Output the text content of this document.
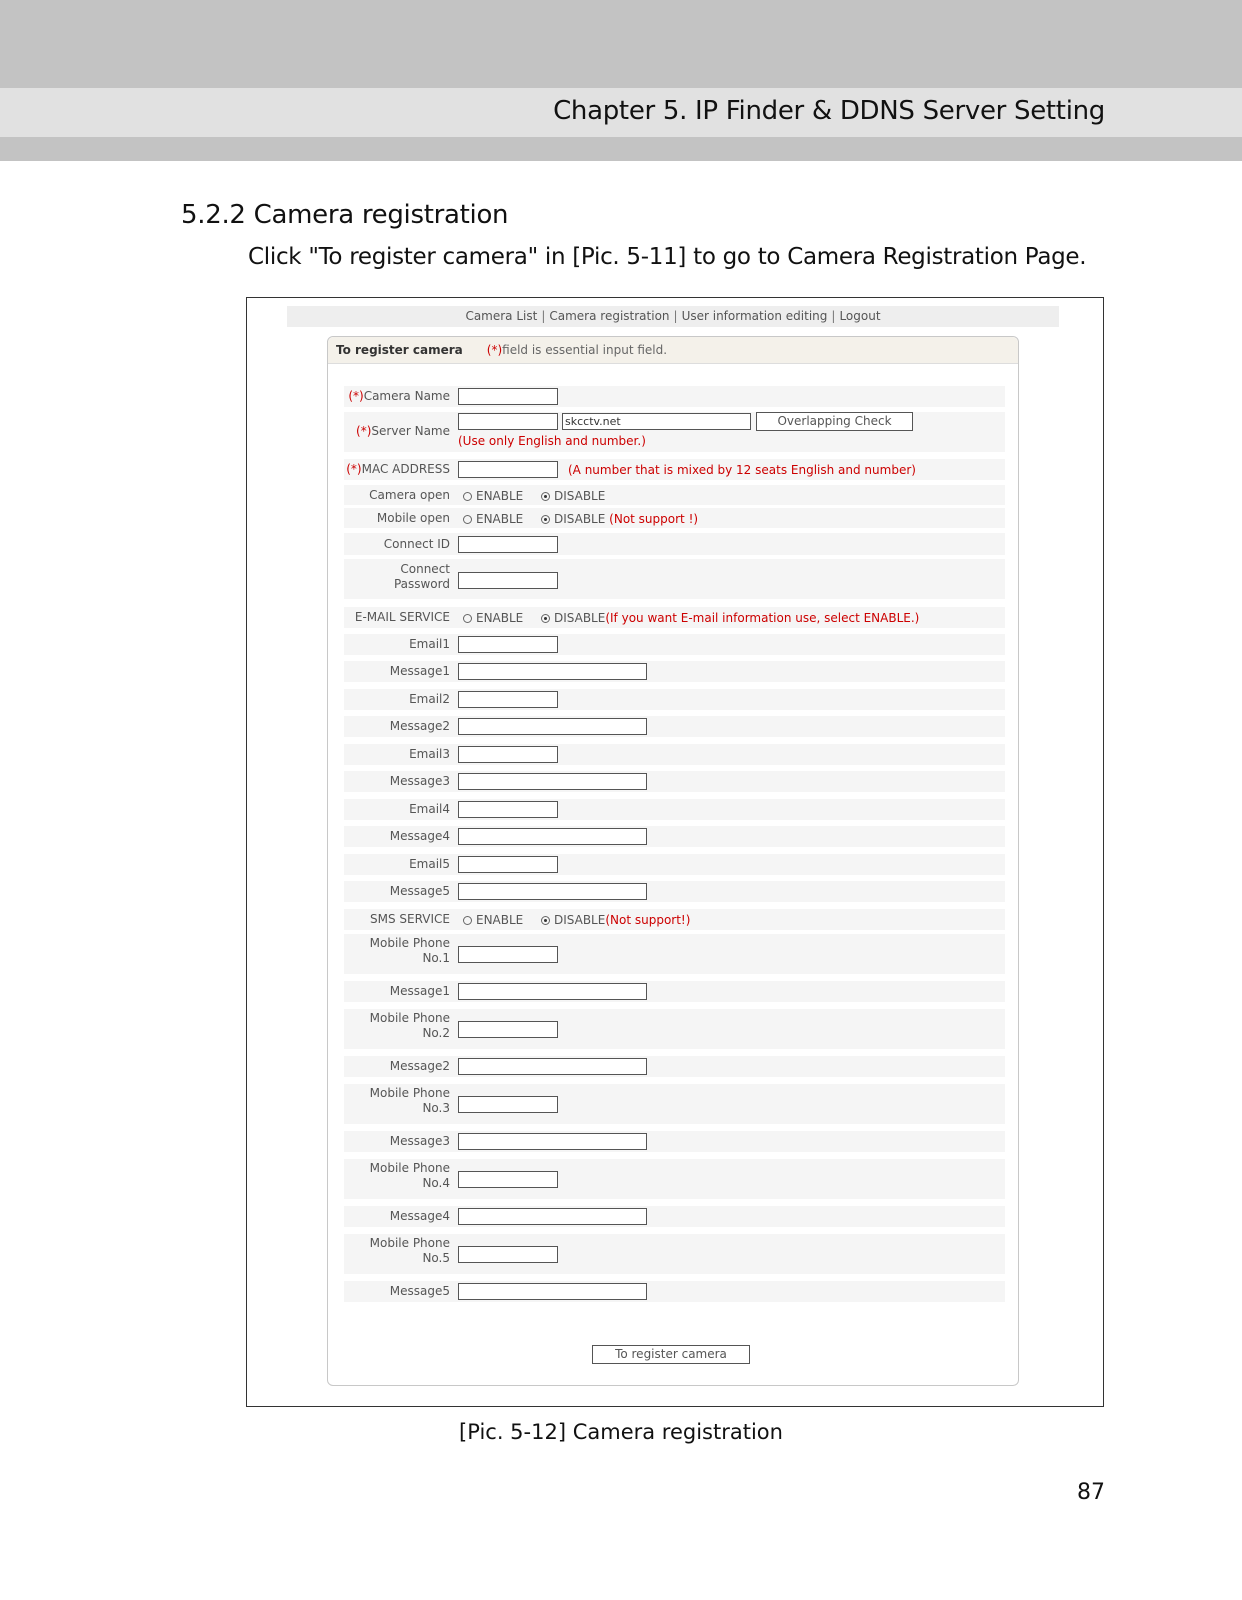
Chapter 5. IP Finder & DDNS Server Setting
5.2.2 Camera registration
Click "To register camera" in [Pic. 5-11] to go to Camera Registration Page.
Camera List | Camera registration | User information editing | Logout
To register camera (*)field is essential input field.
(*)Camera Name
(*)Server Name
skcctv.net	Overlapping Check
(Use only English and number.)
(*)MAC ADDRESS	(A number that is mixed by 12 seats English and number)
Camera open	ENABLE	DISABLE
Mobile open	ENABLE	DISABLE (Not support !)
Connect ID
Connect
Password
E-MAIL SERVICE	ENABLE	DISABLE(If you want E-mail information use, select ENABLE.)
Email1
Message1
Email2
Message2
Email3
Message3
Email4
Message4
Email5
Message5
SMS SERVICE	ENABLE	DISABLE(Not support!)
Mobile Phone
No.1
Message1
Mobile Phone
No.2
Message2
Mobile Phone
No.3
Message3
Mobile Phone
No.4
Message4
Mobile Phone
No.5
Message5
To register camera
[Pic. 5-12] Camera registration
87
